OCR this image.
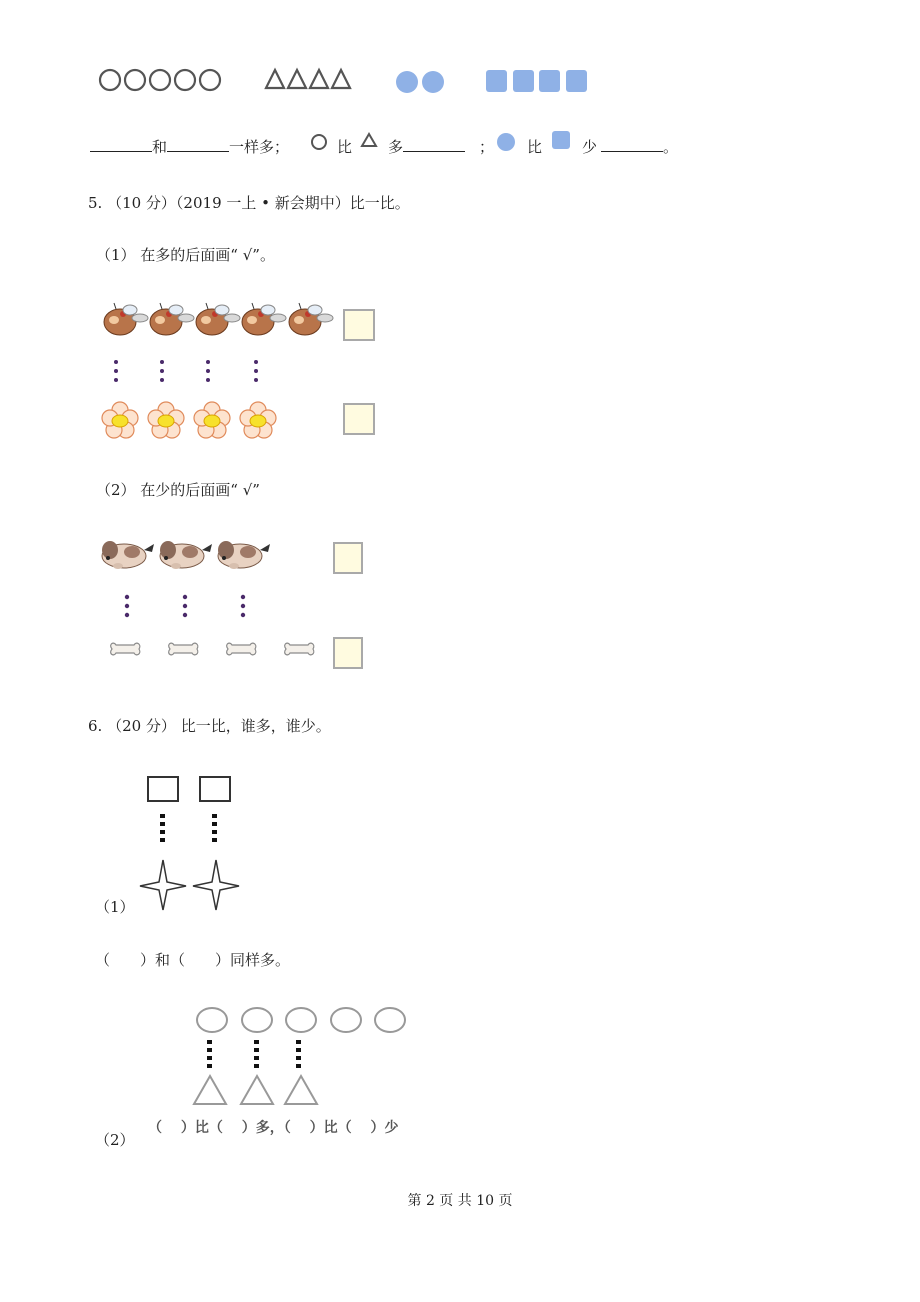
和	一样多；	比 多	； 比	少	。
5. （10 分）（2019 一上 • 新会期中）比一比。
（1） 在多的后面画“ √”。
（2） 在少的后面画“ √”
6. （20 分） 比一比，谁多，谁少。
（1）
（　　）和（　　）同样多。
（　 ）比（　 ）多，（　 ）比（　 ）少
（2）
第 2 页 共 10 页
